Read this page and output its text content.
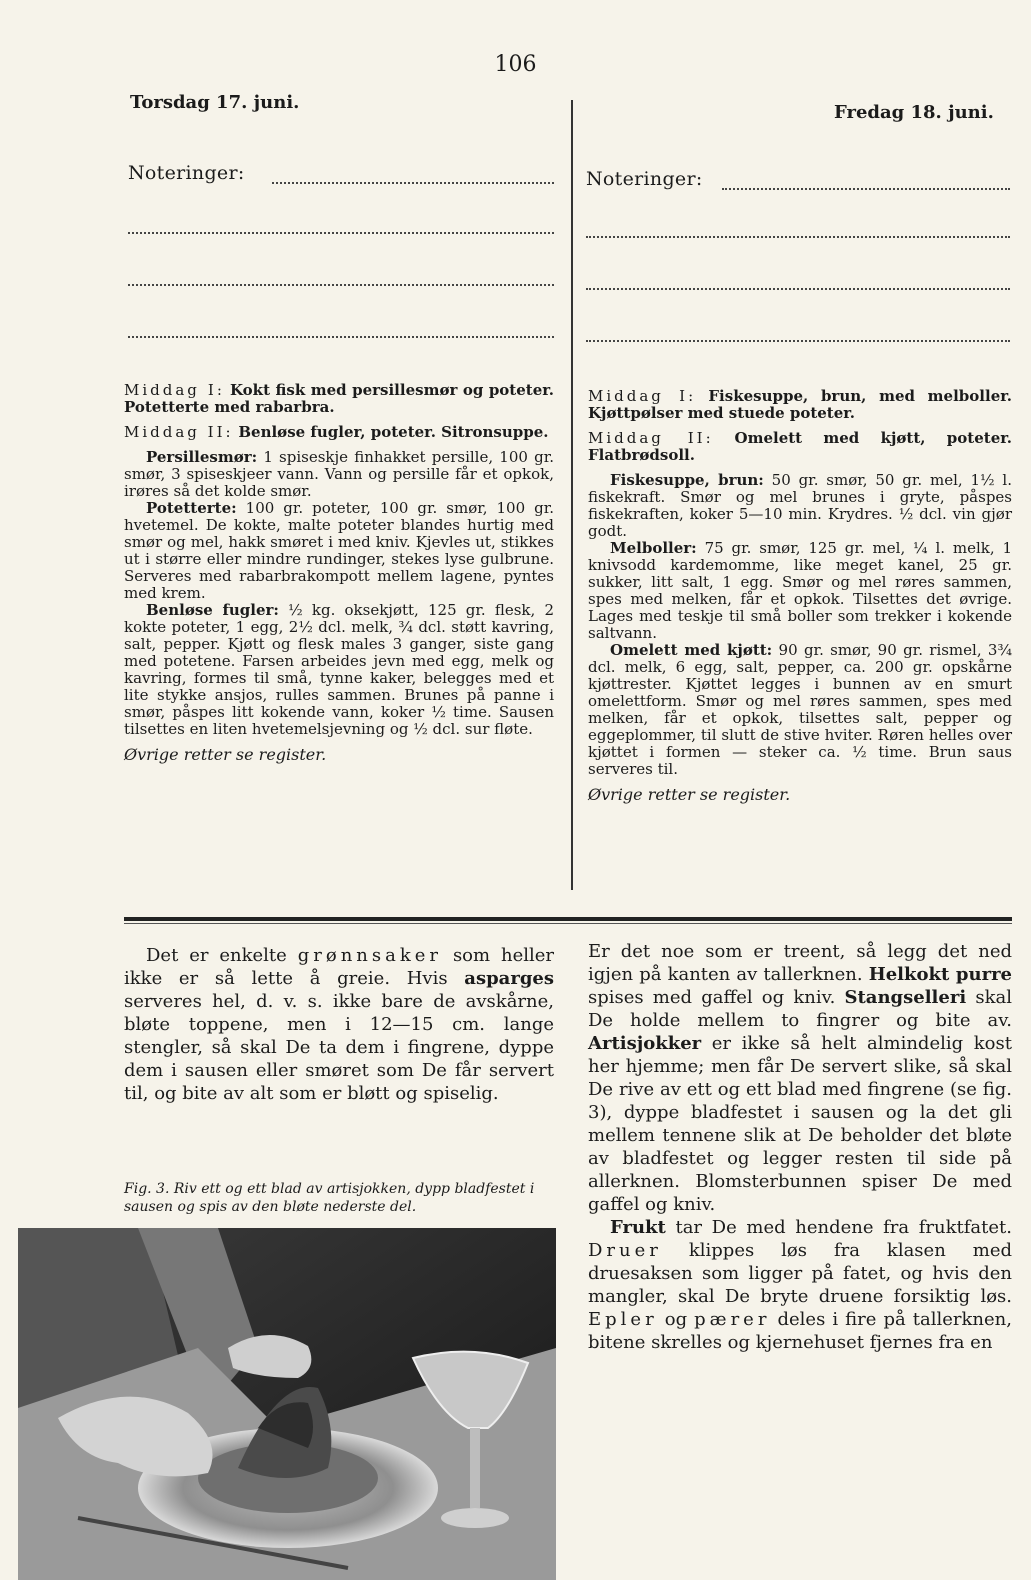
106
Torsdag 17. juni.
Noteringer:
Fredag 18. juni.
Noteringer:

Middag I: Kokt fisk med persillesmør og poteter. Potetterte med rabarbra.

Middag II: Benløse fugler, poteter. Sitronsuppe.

Persillesmør: 1 spiseskje finhakket persille, 100 gr. smør, 3 spiseskjeer vann. Vann og persille får et opkok, irøres så det kolde smør.

Potetterte: 100 gr. poteter, 100 gr. smør, 100 gr. hvetemel. De kokte, malte poteter blandes hurtig med smør og mel, hakk smøret i med kniv. Kjevles ut, stikkes ut i større eller mindre rundinger, stekes lyse gulbrune. Serveres med rabarbrakompott mellem lagene, pyntes med krem.

Benløse fugler: ½ kg. oksekjøtt, 125 gr. flesk, 2 kokte poteter, 1 egg, 2½ dcl. melk, ¾ dcl. støtt kavring, salt, pepper. Kjøtt og flesk males 3 ganger, siste gang med potetene. Farsen arbeides jevn med egg, melk og kavring, formes til små, tynne kaker, belegges med et lite stykke ansjos, rulles sammen. Brunes på panne i smør, påspes litt kokende vann, koker ½ time. Sausen tilsettes en liten hvetemelsjevning og ½ dcl. sur fløte.

Øvrige retter se register.

Middag I: Fiskesuppe, brun, med melboller. Kjøttpølser med stuede poteter.

Middag II: Omelett med kjøtt, poteter. Flatbrødsoll.

Fiskesuppe, brun: 50 gr. smør, 50 gr. mel, 1½ l. fiskekraft. Smør og mel brunes i gryte, påspes fiskekraften, koker 5—10 min. Krydres. ½ dcl. vin gjør godt.

Melboller: 75 gr. smør, 125 gr. mel, ¼ l. melk, 1 knivsodd kardemomme, like meget kanel, 25 gr. sukker, litt salt, 1 egg. Smør og mel røres sammen, spes med melken, får et opkok. Tilsettes det øvrige. Lages med teskje til små boller som trekker i kokende saltvann.

Omelett med kjøtt: 90 gr. smør, 90 gr. rismel, 3¾ dcl. melk, 6 egg, salt, pepper, ca. 200 gr. opskårne kjøttrester. Kjøttet legges i bunnen av en smurt omelettform. Smør og mel røres sammen, spes med melken, får et opkok, tilsettes salt, pepper og eggeplommer, til slutt de stive hviter. Røren helles over kjøttet i formen — steker ca. ½ time. Brun saus serveres til.

Øvrige retter se register.

Det er enkelte grønnsaker som heller ikke er så lette å greie. Hvis asparges serveres hel, d. v. s. ikke bare de avskårne, bløte toppene, men i 12—15 cm. lange stengler, så skal De ta dem i fingrene, dyppe dem i sausen eller smøret som De får servert til, og bite av alt som er bløtt og spiselig.

Fig. 3. Riv ett og ett blad av artisjokken, dypp bladfestet i sausen og spis av den bløte nederste del.

Er det noe som er treent, så legg det ned igjen på kanten av tallerknen. Helkokt purre spises med gaffel og kniv. Stangselleri skal De holde mellem to fingrer og bite av. Artisjokker er ikke så helt almindelig kost her hjemme; men får De servert slike, så skal De rive av ett og ett blad med fingrene (se fig. 3), dyppe bladfestet i sausen og la det gli mellem tennene slik at De beholder det bløte av bladfestet og legger resten til side på allerknen. Blomsterbunnen spiser De med gaffel og kniv.

Frukt tar De med hendene fra fruktfatet. Druer klippes løs fra klasen med druesaksen som ligger på fatet, og hvis den mangler, skal De bryte druene forsiktig løs. Epler og pærer deles i fire på tallerknen, bitene skrelles og kjernehuset fjernes fra en
